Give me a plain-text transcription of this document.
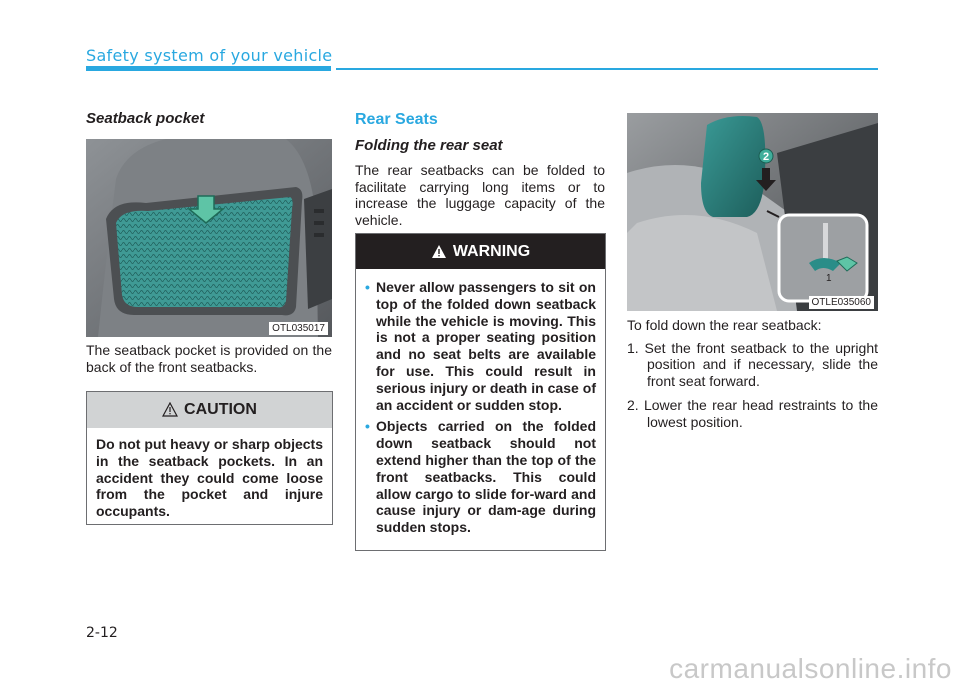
Safety system of your vehicle
Seatback pocket
OTL035017

The seatback pocket is provided on the back of the front seatbacks.

CAUTION
Do not put heavy or sharp objects in the seatback pockets. In an accident they could come loose from the pocket and injure occupants.
Rear Seats
Folding the rear seat

The rear seatbacks can be folded to facilitate carrying long items or to increase the luggage capacity of the vehicle.

WARNING
• Never allow passengers to sit on top of the folded down seatback while the vehicle is moving. This is not a proper seating position and no seat belts are available for use. This could result in serious injury or death in case of an accident or sudden stop.
• Objects carried on the folded down seatback should not extend higher than the top of the front seatbacks. This could allow cargo to slide for-ward and cause injury or dam-age during sudden stops.
2
1
OTLE035060

To fold down the rear seatback:

1. Set the front seatback to the upright position and if necessary, slide the front seat forward.
2. Lower the rear head restraints to the lowest position.
2-12
carmanualsonline.info
